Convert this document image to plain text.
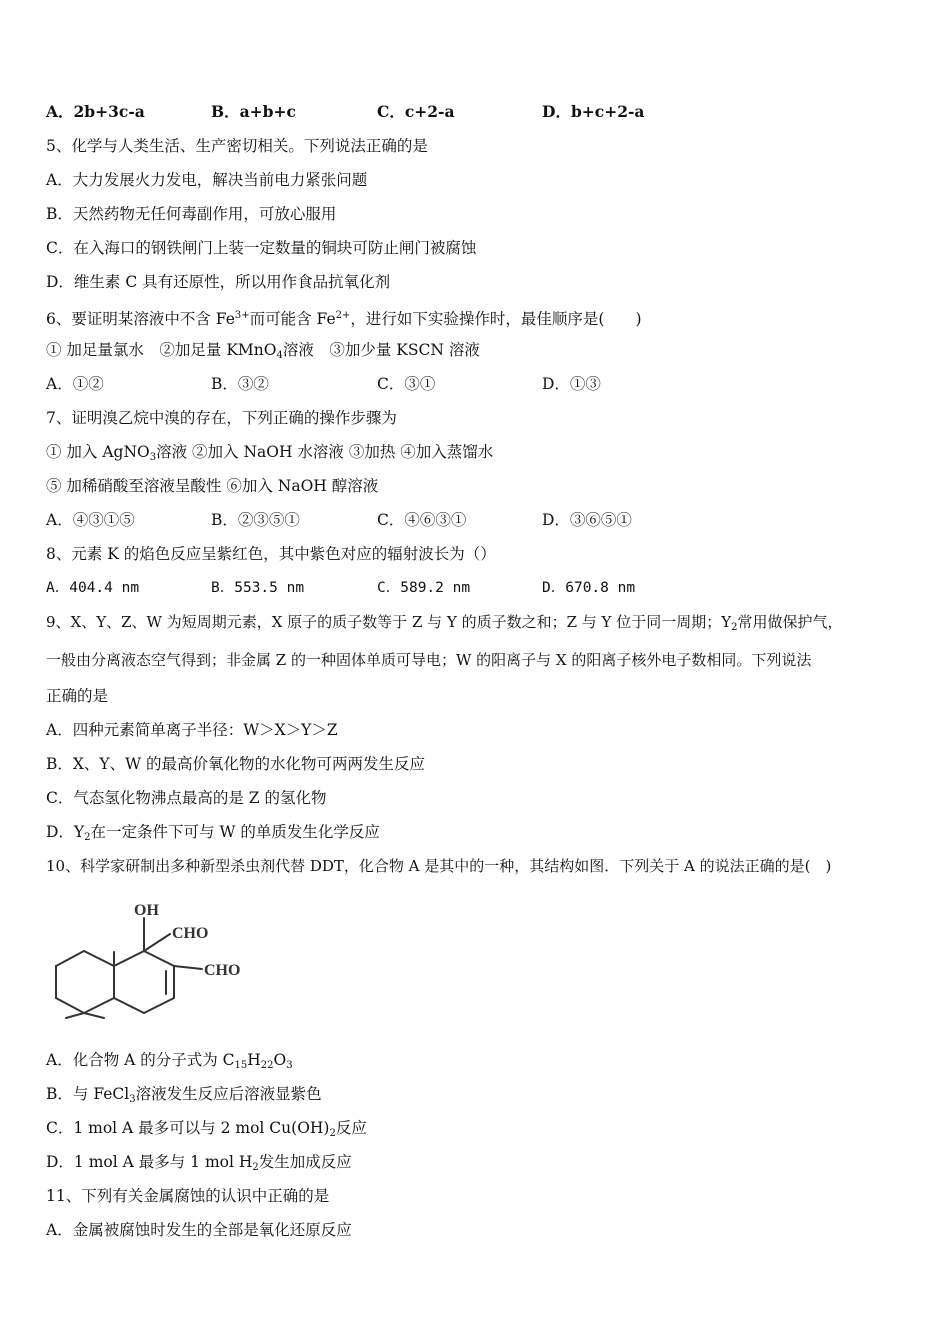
A．2b+3c-a	B．a+b+c	C．c+2-a	D．b+c+2-a
5、化学与人类生活、生产密切相关。下列说法正确的是
A．大力发展火力发电，解决当前电力紧张问题
B．天然药物无任何毒副作用，可放心服用
C．在入海口的钢铁闸门上装一定数量的铜块可防止闸门被腐蚀
D．维生素 C 具有还原性，所以用作食品抗氧化剂
6、要证明某溶液中不含 $Fe^{3+}$而可能含 $Fe^{2+}$，进行如下实验操作时，最佳顺序是(　　)
① 加足量氯水　②加足量 KMnO$_4$溶液　③加少量 KSCN 溶液
A．①②	B．③②	C．③①	D．①③
7、证明溴乙烷中溴的存在，下列正确的操作步骤为
① 加入 AgNO$_3$溶液 ②加入 NaOH 水溶液 ③加热 ④加入蒸馏水
⑤ 加稀硝酸至溶液呈酸性 ⑥加入 NaOH 醇溶液
A．④③①⑤	B．②③⑤①	C．④⑥③①	D．③⑥⑤①
8、元素 K 的焰色反应呈紫红色，其中紫色对应的辐射波长为（）
A．404.4 nm	B．553.5 nm	C．589.2 nm	D．670.8 nm
9、X、Y、Z、W 为短周期元素，X 原子的质子数等于 Z 与 Y 的质子数之和；Z 与 Y 位于同一周期；$Y_2$常用做保护气，
一般由分离液态空气得到；非金属 Z 的一种固体单质可导电；W 的阳离子与 X 的阳离子核外电子数相同。下列说法
正确的是
A．四种元素简单离子半径：W＞X＞Y＞Z
B．X、Y、W 的最高价氧化物的水化物可两两发生反应
C．气态氢化物沸点最高的是 Z 的氢化物
D．$Y_2$在一定条件下可与 W 的单质发生化学反应
10、科学家研制出多种新型杀虫剂代替 DDT，化合物 A 是其中的一种，其结构如图．下列关于 A 的说法正确的是(　)
OH
CHO
CHO
A．化合物 A 的分子式为 $C_{15}H_{22}O_3$
B．与 FeCl$_3$溶液发生反应后溶液显紫色
C．1 mol A 最多可以与 2 mol $Cu(OH)_2$反应
D．1 mol A 最多与 1 mol $H_2$发生加成反应
11、下列有关金属腐蚀的认识中正确的是
A．金属被腐蚀时发生的全部是氧化还原反应
